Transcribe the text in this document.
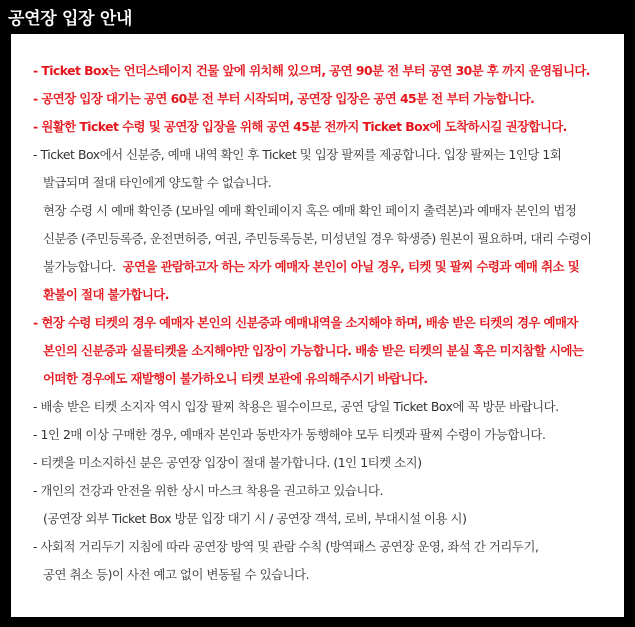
공연장 입장 안내
- Ticket Box는 언더스테이지 건물 앞에 위치해 있으며, 공연 90분 전 부터 공연 30분 후 까지 운영됩니다.
- 공연장 입장 대기는 공연 60분 전 부터 시작되며, 공연장 입장은 공연 45분 전 부터 가능합니다.
- 원활한 Ticket 수령 및 공연장 입장을 위해 공연 45분 전까지 Ticket Box에 도착하시길 권장합니다.
- Ticket Box에서 신분증, 예매 내역 확인 후 Ticket 및 입장 팔찌를 제공합니다. 입장 팔찌는 1인당 1회
발급되며 절대 타인에게 양도할 수 없습니다.
현장 수령 시 예매 확인증 (모바일 예매 확인페이지 혹은 예매 확인 페이지 출력본)과 예매자 본인의 법정
신분증 (주민등록증, 운전면허증, 여권, 주민등록등본, 미성년일 경우 학생증) 원본이 필요하며, 대리 수령이
불가능합니다. 공연을 관람하고자 하는 자가 예매자 본인이 아닐 경우, 티켓 및 팔찌 수령과 예매 취소 및
환불이 절대 불가합니다.
- 현장 수령 티켓의 경우 예매자 본인의 신분증과 예매내역을 소지해야 하며, 배송 받은 티켓의 경우 예매자
본인의 신분증과 실물티켓을 소지해야만 입장이 가능합니다. 배송 받은 티켓의 분실 혹은 미지참할 시에는
어떠한 경우에도 재발행이 불가하오니 티켓 보관에 유의해주시기 바랍니다.
- 배송 받은 티켓 소지자 역시 입장 팔찌 착용은 필수이므로, 공연 당일 Ticket Box에 꼭 방문 바랍니다.
- 1인 2매 이상 구매한 경우, 예매자 본인과 동반자가 동행해야 모두 티켓과 팔찌 수령이 가능합니다.
- 티켓을 미소지하신 분은 공연장 입장이 절대 불가합니다. (1인 1티켓 소지)
- 개인의 건강과 안전을 위한 상시 마스크 착용을 권고하고 있습니다.
(공연장 외부 Ticket Box 방문 입장 대기 시 / 공연장 객석, 로비, 부대시설 이용 시)
- 사회적 거리두기 지침에 따라 공연장 방역 및 관람 수칙 (방역패스 공연장 운영, 좌석 간 거리두기,
공연 취소 등)이 사전 예고 없이 변동될 수 있습니다.
